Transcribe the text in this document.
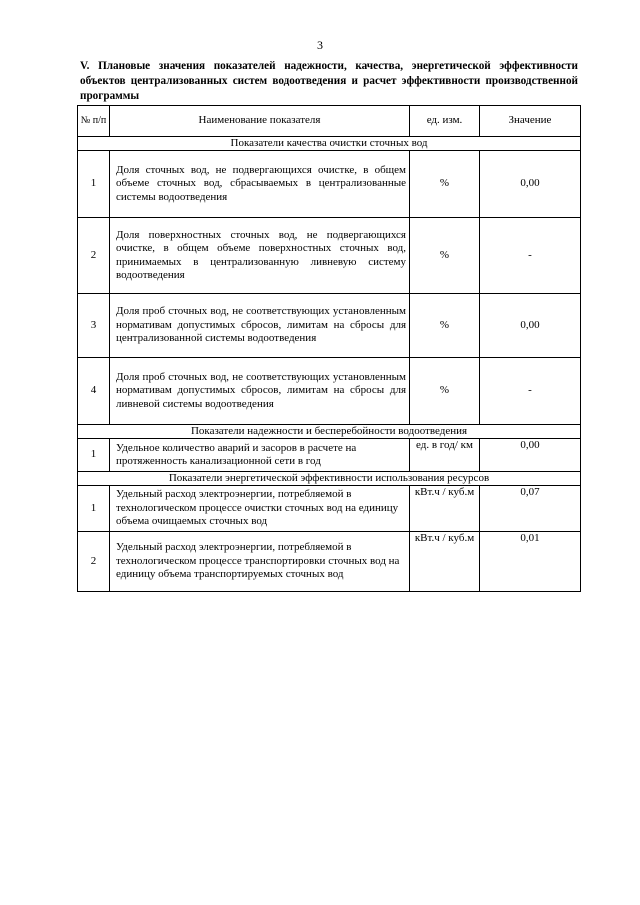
3
V. Плановые значения показателей надежности, качества, энергетической эффективности объектов централизованных систем водоотведения и расчет эффективности производственной программы
№ п/п	Наименование показателя	ед. изм.	Значение
Показатели качества очистки сточных вод			
1	Доля сточных вод, не подвергающихся очистке, в общем объеме сточных вод, сбрасываемых в централизованные системы водоотведения	%	0,00
2	Доля поверхностных сточных вод, не подвергающихся очистке, в общем объеме поверхностных сточных вод, принимаемых в централизованную ливневую систему водоотведения	%	-
3	Доля проб сточных вод, не соответствующих установленным нормативам допустимых сбросов, лимитам на сбросы для централизованной системы водоотведения	%	0,00
4	Доля проб сточных вод, не соответствующих установленным нормативам допустимых сбросов, лимитам на сбросы для ливневой системы водоотведения	%	-
Показатели надежности и бесперебойности водоотведения			
1	Удельное количество аварий и засоров в расчете на протяженность канализационной сети в год	ед. в год/ км	0,00
Показатели энергетической эффективности использования ресурсов			
1	Удельный расход электроэнергии, потребляемой в технологическом процессе очистки сточных вод на единицу объема очищаемых сточных вод	кВт.ч / куб.м	0,07
2	Удельный расход электроэнергии, потребляемой в технологическом процессе транспортировки сточных вод на единицу объема транспортируемых сточных вод	кВт.ч / куб.м	0,01
